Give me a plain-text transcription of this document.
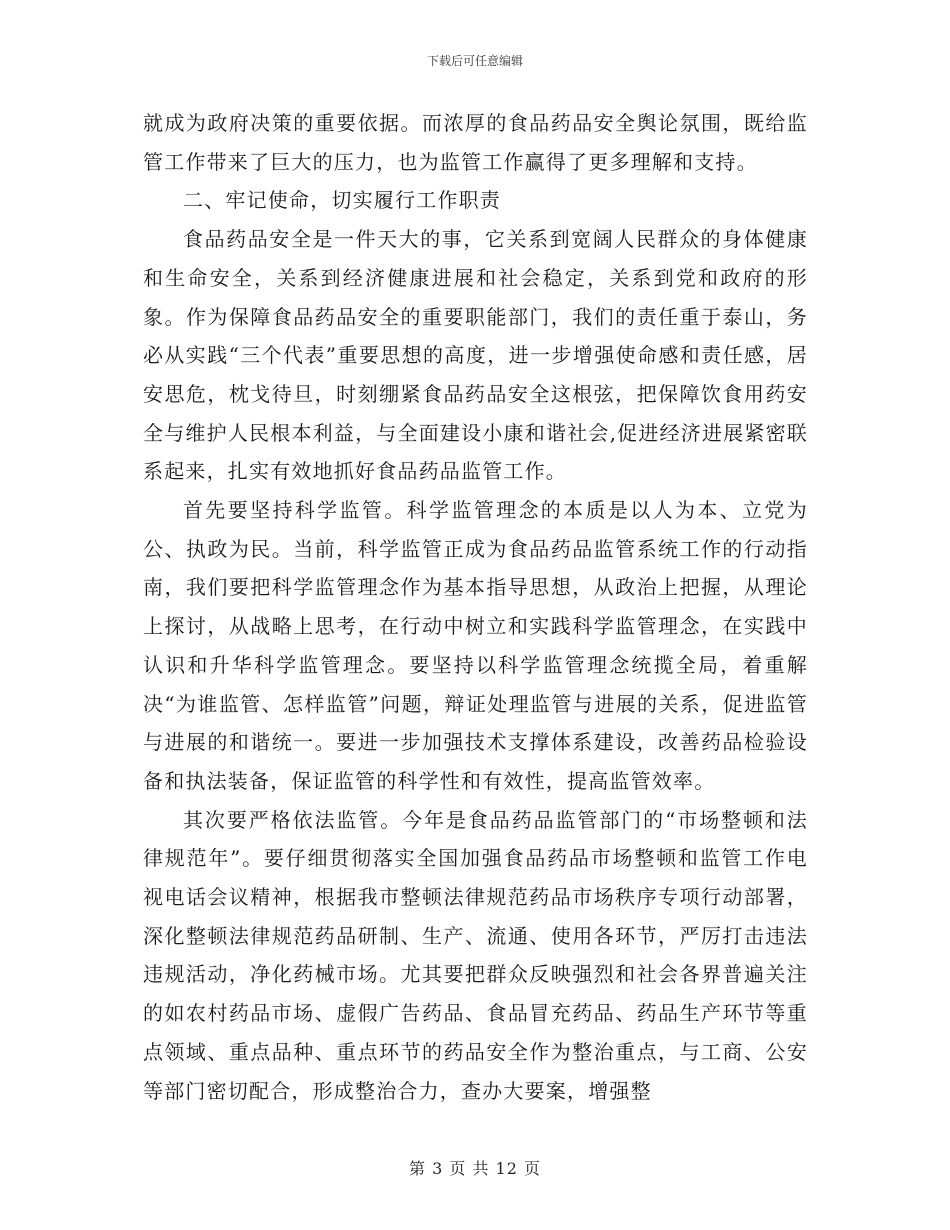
下载后可任意编辑

就成为政府决策的重要依据。而浓厚的食品药品安全舆论氛围，既给监管工作带来了巨大的压力，也为监管工作赢得了更多理解和支持。

二、牢记使命，切实履行工作职责

食品药品安全是一件天大的事，它关系到宽阔人民群众的身体健康和生命安全，关系到经济健康进展和社会稳定，关系到党和政府的形象。作为保障食品药品安全的重要职能部门，我们的责任重于泰山，务必从实践“三个代表”重要思想的高度，进一步增强使命感和责任感，居安思危，枕戈待旦，时刻绷紧食品药品安全这根弦，把保障饮食用药安全与维护人民根本利益，与全面建设小康和谐社会,促进经济进展紧密联系起来，扎实有效地抓好食品药品监管工作。

首先要坚持科学监管。科学监管理念的本质是以人为本、立党为公、执政为民。当前，科学监管正成为食品药品监管系统工作的行动指南，我们要把科学监管理念作为基本指导思想，从政治上把握，从理论上探讨，从战略上思考，在行动中树立和实践科学监管理念，在实践中认识和升华科学监管理念。要坚持以科学监管理念统揽全局，着重解决“为谁监管、怎样监管”问题，辩证处理监管与进展的关系，促进监管与进展的和谐统一。要进一步加强技术支撑体系建设，改善药品检验设备和执法装备，保证监管的科学性和有效性，提高监管效率。

其次要严格依法监管。今年是食品药品监管部门的“市场整顿和法律规范年”。要仔细贯彻落实全国加强食品药品市场整顿和监管工作电视电话会议精神，根据我市整顿法律规范药品市场秩序专项行动部署，深化整顿法律规范药品研制、生产、流通、使用各环节，严厉打击违法违规活动，净化药械市场。尤其要把群众反映强烈和社会各界普遍关注的如农村药品市场、虚假广告药品、食品冒充药品、药品生产环节等重点领域、重点品种、重点环节的药品安全作为整治重点，与工商、公安等部门密切配合，形成整治合力，查办大要案，增强整

第 3 页 共 12 页
